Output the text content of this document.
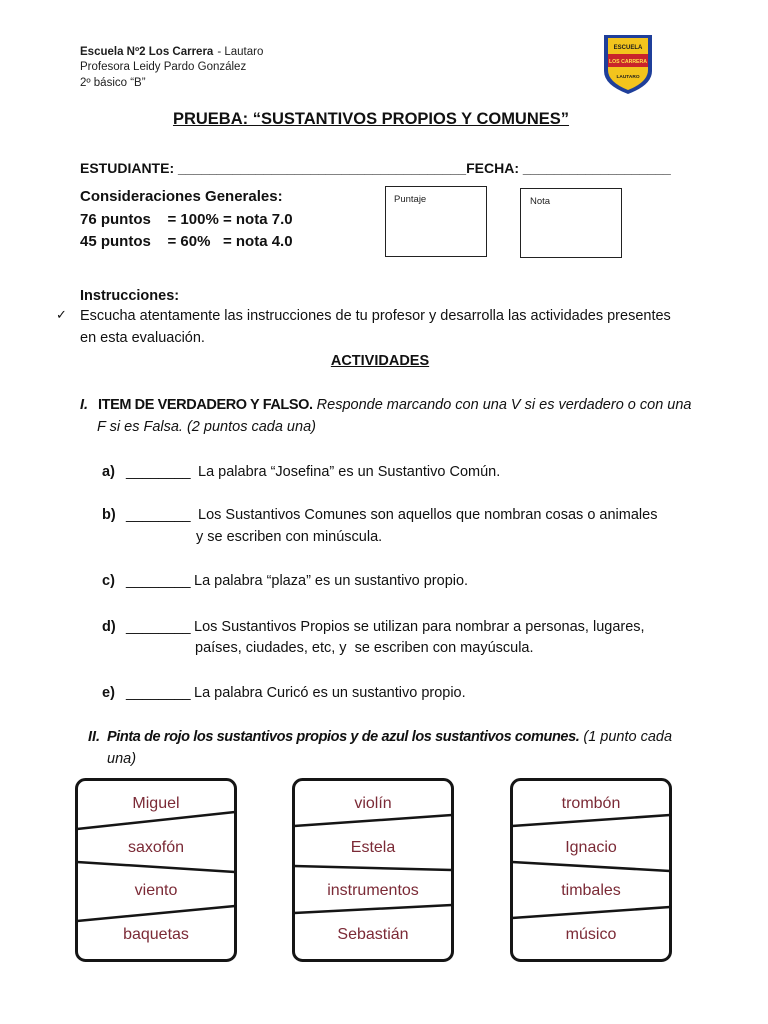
Escuela Nº2 Los Carrera - Lautaro
Profesora Leidy Pardo González
2º básico “B”
ESCUELA
LOS CARRERA
LAUTARO
PRUEBA: “SUSTANTIVOS PROPIOS Y COMUNES”
ESTUDIANTE: _____________________________________ FECHA: ___________________
Consideraciones Generales:
76 puntos    = 100% = nota 7.0
45 puntos    = 60%   = nota 4.0
Puntaje	Nota
Instrucciones:
✓ Escucha atentamente las instrucciones de tu profesor y desarrolla las actividades presentes
en esta evaluación.
ACTIVIDADES
I. ITEM DE VERDADERO Y FALSO. Responde marcando con una V si es verdadero o con una
F si es Falsa. (2 puntos cada una)
a) ________ La palabra “Josefina” es un Sustantivo Común.
b) ________ Los Sustantivos Comunes son aquellos que nombran cosas o animales
y se escriben con minúscula.
c) ________ La palabra “plaza” es un sustantivo propio.
d) ________ Los Sustantivos Propios se utilizan para nombrar a personas, lugares,
países, ciudades, etc, y  se escriben con mayúscula.
e) ________ La palabra Curicó es un sustantivo propio.
II. Pinta de rojo los sustantivos propios y de azul los sustantivos comunes. (1 punto cada
una)
Miguel
saxofón
viento
baquetas
violín
Estela
instrumentos
Sebastián
trombón
Ignacio
timbales
músico
